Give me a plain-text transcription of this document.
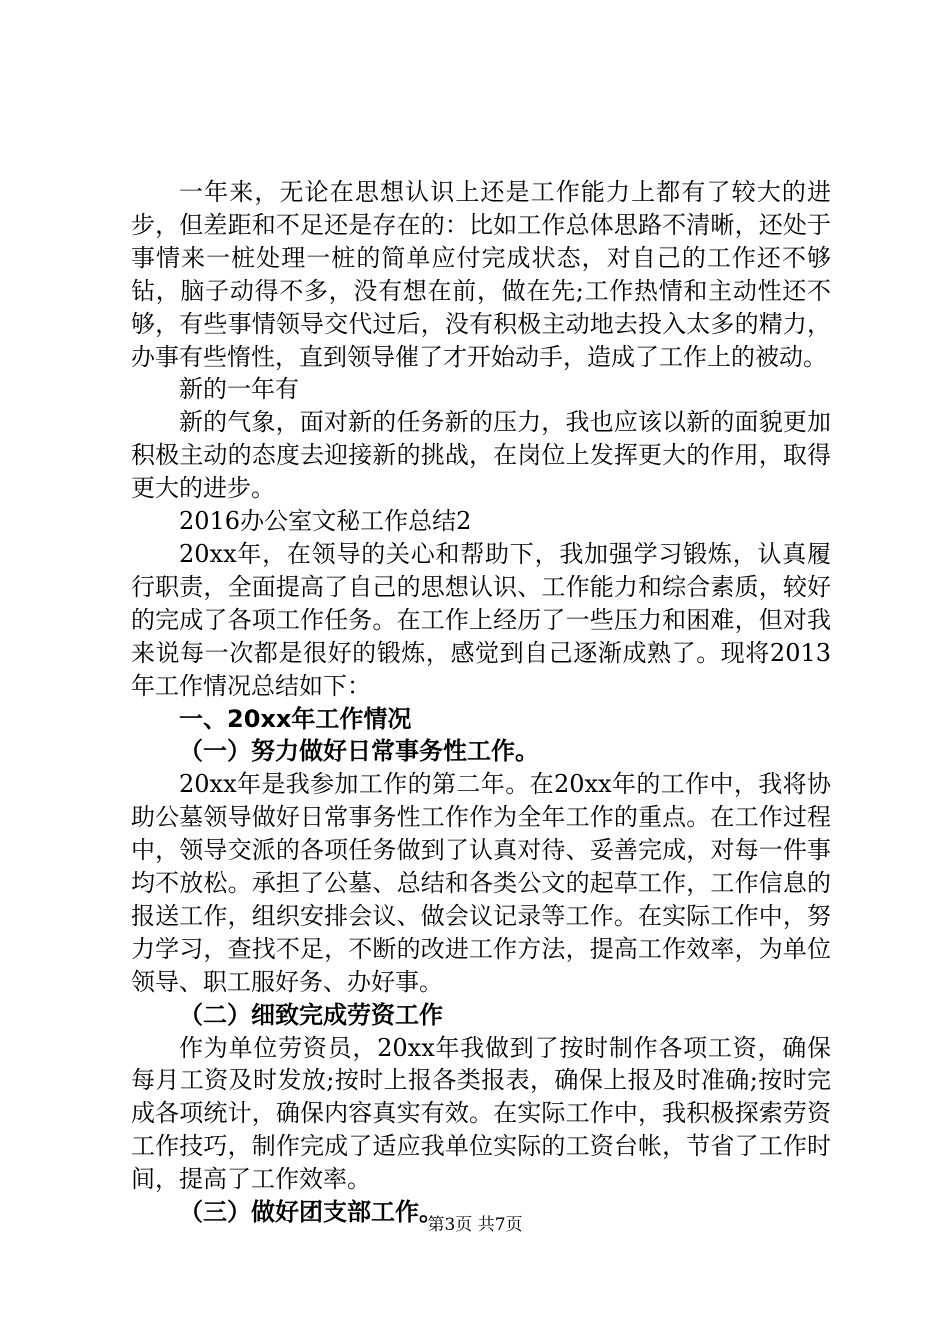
一年来，无论在思想认识上还是工作能力上都有了较大的进步，但差距和不足还是存在的：比如工作总体思路不清晰，还处于事情来一桩处理一桩的简单应付完成状态，对自己的工作还不够钻，脑子动得不多，没有想在前，做在先;工作热情和主动性还不够，有些事情领导交代过后，没有积极主动地去投入太多的精力，办事有些惰性，直到领导催了才开始动手，造成了工作上的被动。

新的一年有

新的气象，面对新的任务新的压力，我也应该以新的面貌更加积极主动的态度去迎接新的挑战，在岗位上发挥更大的作用，取得更大的进步。

2016办公室文秘工作总结2

20xx年，在领导的关心和帮助下，我加强学习锻炼，认真履行职责，全面提高了自己的思想认识、工作能力和综合素质，较好的完成了各项工作任务。在工作上经历了一些压力和困难，但对我来说每一次都是很好的锻炼，感觉到自己逐渐成熟了。现将2013年工作情况总结如下：

一、20xx年工作情况

（一）努力做好日常事务性工作。

20xx年是我参加工作的第二年。在20xx年的工作中，我将协助公墓领导做好日常事务性工作作为全年工作的重点。在工作过程中，领导交派的各项任务做到了认真对待、妥善完成，对每一件事均不放松。承担了公墓、总结和各类公文的起草工作，工作信息的报送工作，组织安排会议、做会议记录等工作。在实际工作中，努力学习，查找不足，不断的改进工作方法，提高工作效率，为单位领导、职工服好务、办好事。

（二）细致完成劳资工作

作为单位劳资员，20xx年我做到了按时制作各项工资，确保每月工资及时发放;按时上报各类报表，确保上报及时准确;按时完成各项统计，确保内容真实有效。在实际工作中，我积极探索劳资工作技巧，制作完成了适应我单位实际的工资台帐，节省了工作时间，提高了工作效率。

（三）做好团支部工作。

第3页 共7页
